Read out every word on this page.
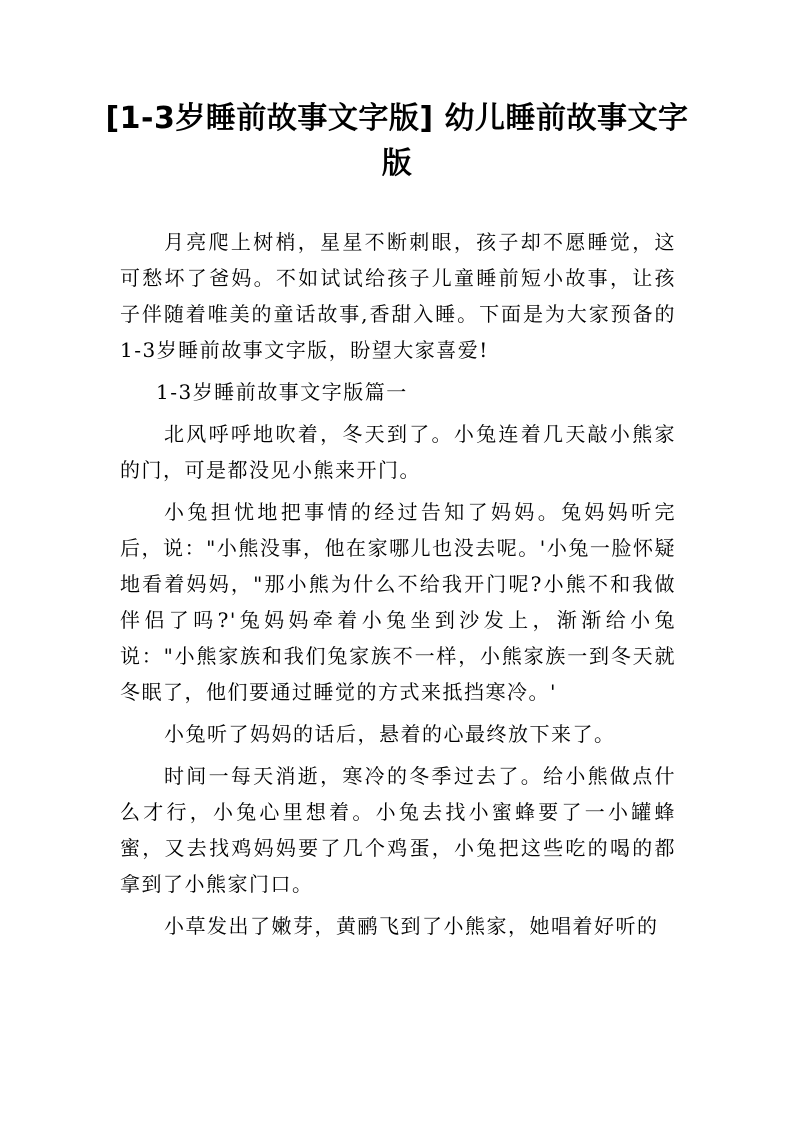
[1-3岁睡前故事文字版] 幼儿睡前故事文字版

月亮爬上树梢，星星不断刺眼，孩子却不愿睡觉，这可愁坏了爸妈。不如试试给孩子儿童睡前短小故事，让孩子伴随着唯美的童话故事,香甜入睡。下面是为大家预备的1-3岁睡前故事文字版，盼望大家喜爱!

1-3岁睡前故事文字版篇一

北风呼呼地吹着，冬天到了。小兔连着几天敲小熊家的门，可是都没见小熊来开门。

小兔担忧地把事情的经过告知了妈妈。兔妈妈听完后，说："小熊没事，他在家哪儿也没去呢。'小兔一脸怀疑地看着妈妈，"那小熊为什么不给我开门呢?小熊不和我做伴侣了吗?'兔妈妈牵着小兔坐到沙发上，渐渐给小兔说："小熊家族和我们兔家族不一样，小熊家族一到冬天就冬眠了，他们要通过睡觉的方式来抵挡寒冷。'

小兔听了妈妈的话后，悬着的心最终放下来了。

时间一每天消逝，寒冷的冬季过去了。给小熊做点什么才行，小兔心里想着。小兔去找小蜜蜂要了一小罐蜂蜜，又去找鸡妈妈要了几个鸡蛋，小兔把这些吃的喝的都拿到了小熊家门口。

小草发出了嫩芽，黄鹂飞到了小熊家，她唱着好听的
